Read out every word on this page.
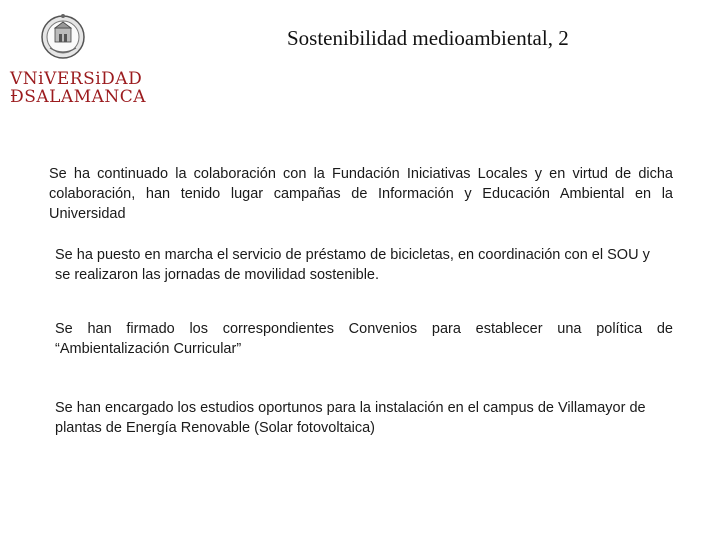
VNiVERSiDAD
ÐSALAMANCA
Sostenibilidad medioambiental, 2
Se ha continuado la colaboración con la Fundación Iniciativas Locales y en virtud de dicha colaboración, han tenido lugar campañas de Información y Educación Ambiental en la Universidad
Se ha puesto en marcha el servicio de préstamo de bicicletas, en coordinación con el SOU y se realizaron las jornadas de movilidad sostenible.
Se han firmado los correspondientes Convenios para establecer una política de “Ambientalización Curricular”
Se han encargado los estudios oportunos para la instalación en el campus de Villamayor de plantas de Energía Renovable (Solar fotovoltaica)
